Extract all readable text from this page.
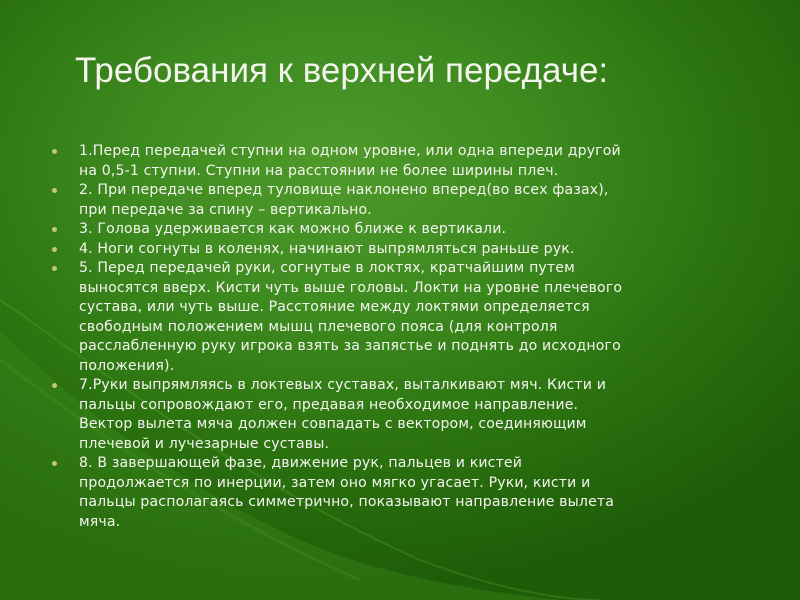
Требования к верхней передаче:
1.Перед передачей ступни на одном уровне, или одна впереди другой
на 0,5-1 ступни. Ступни на расстоянии не более ширины плеч.
2. При передаче вперед туловище наклонено вперед(во всех фазах),
при передаче за спину – вертикально.
3. Голова удерживается как можно ближе к вертикали.
4. Ноги согнуты в коленях, начинают выпрямляться раньше рук.
5. Перед передачей руки, согнутые в локтях, кратчайшим путем
выносятся вверх. Кисти чуть выше головы. Локти на уровне плечевого
сустава, или чуть выше. Расстояние между локтями определяется
свободным положением мышц плечевого пояса (для контроля
расслабленную руку игрока взять за запястье и поднять до исходного
положения).
7.Руки выпрямляясь в локтевых суставах, выталкивают мяч. Кисти и
пальцы сопровождают его, предавая необходимое направление.
Вектор вылета мяча должен совпадать с вектором, соединяющим
плечевой и лучезарные суставы.
8. В завершающей фазе, движение рук, пальцев и кистей
продолжается по инерции, затем оно мягко угасает. Руки, кисти и
пальцы располагаясь симметрично, показывают направление вылета
мяча.
